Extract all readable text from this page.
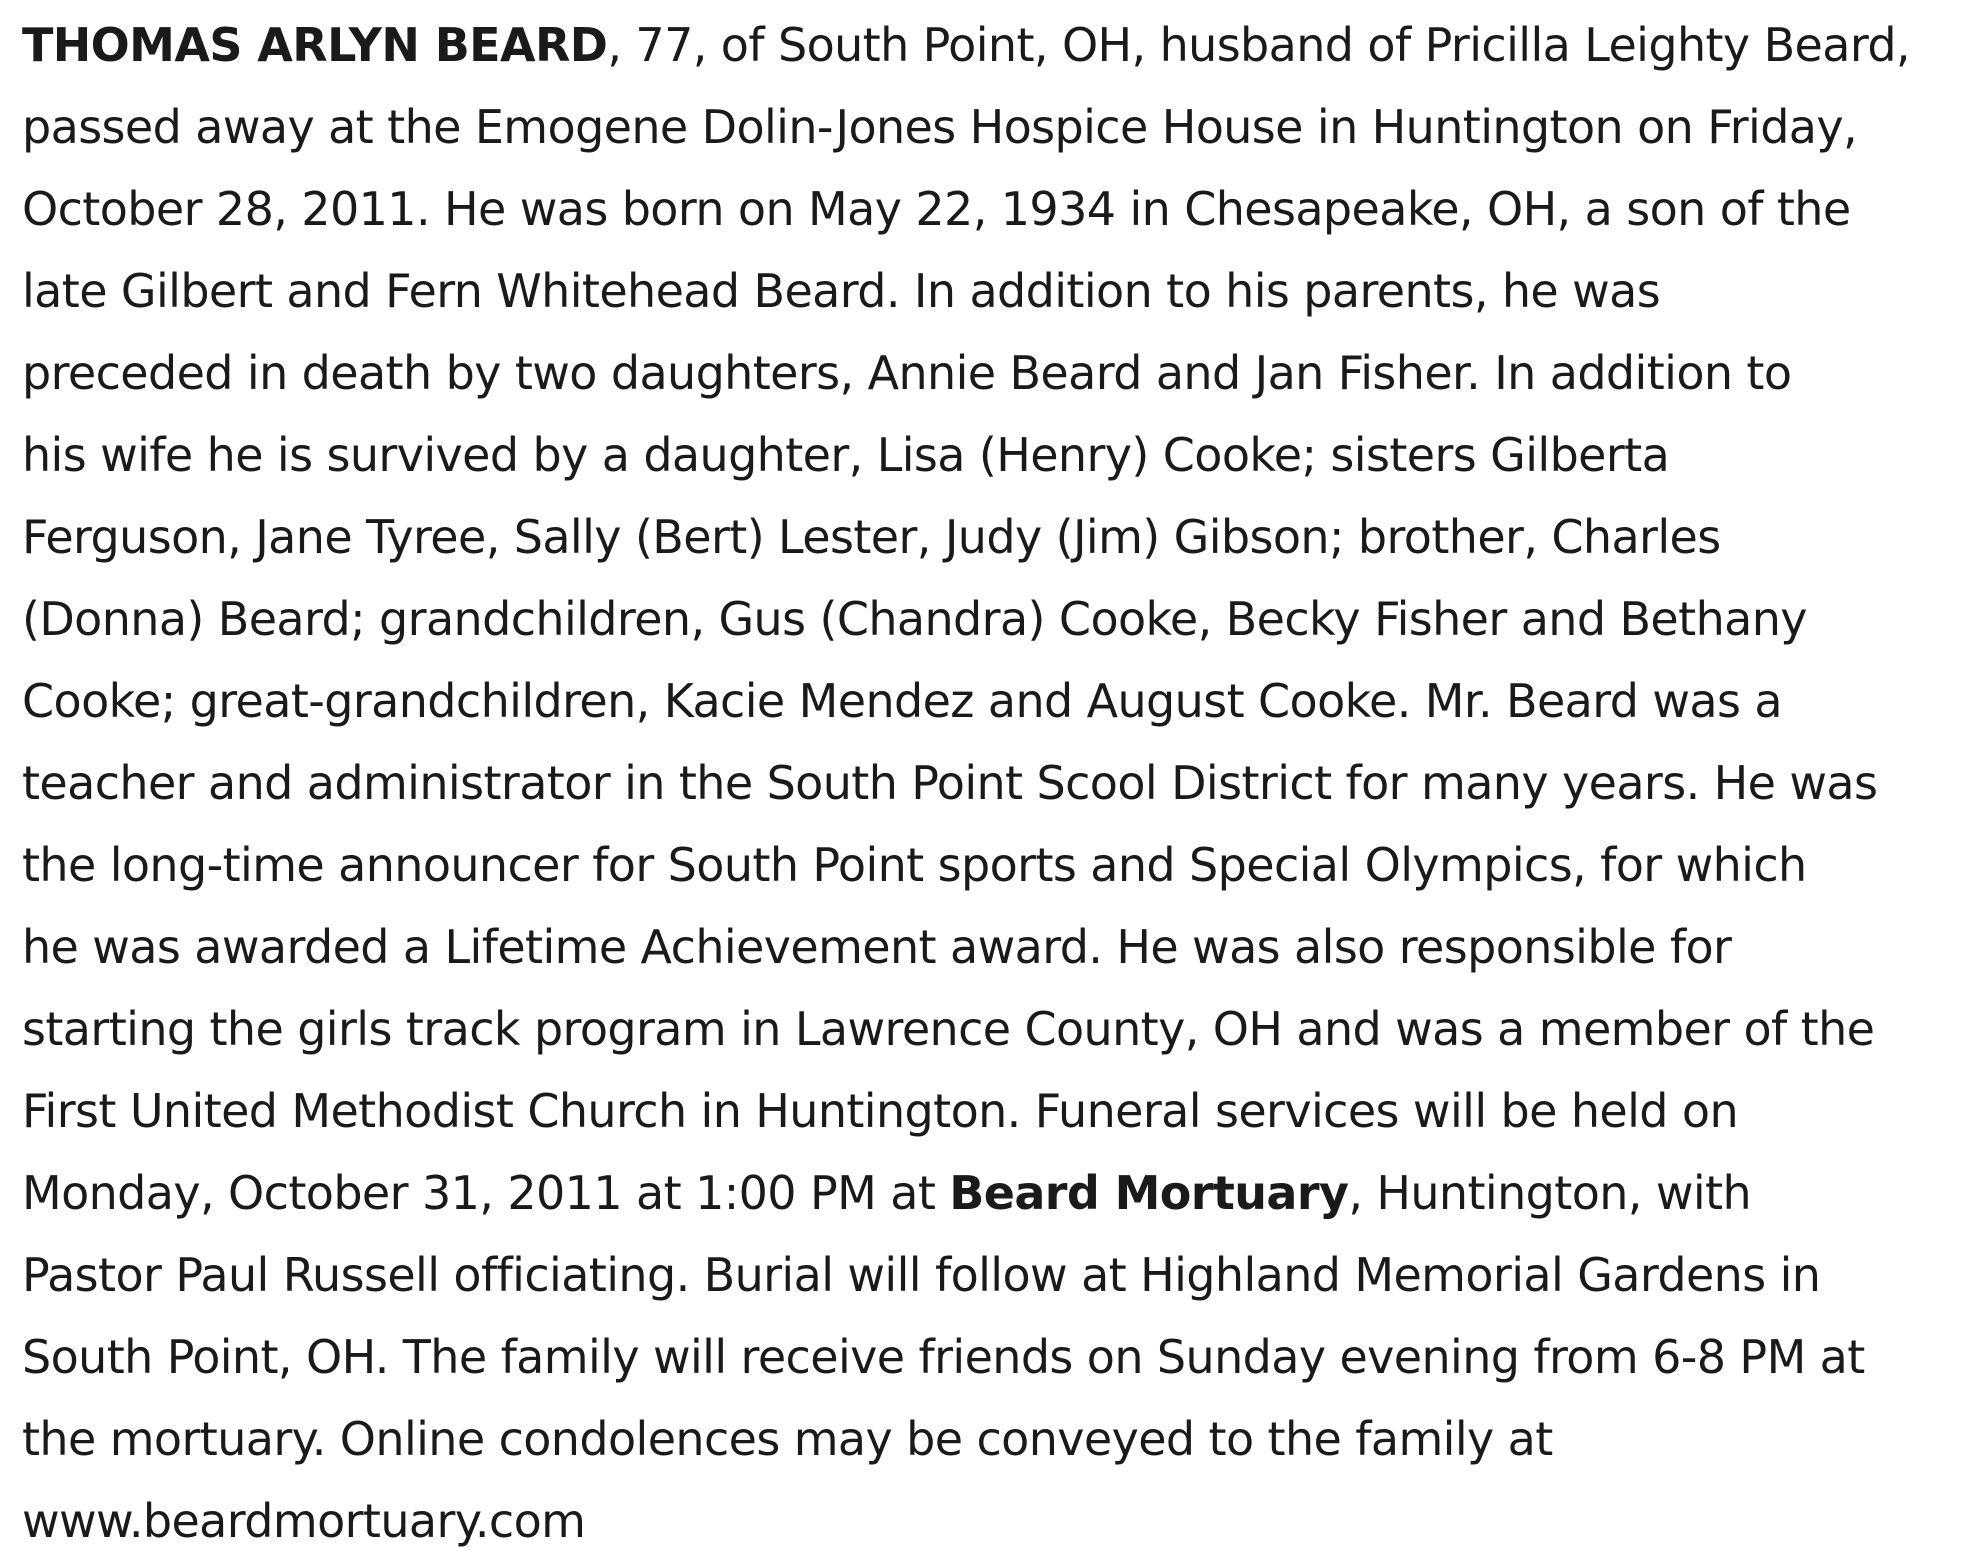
THOMAS ARLYN BEARD, 77, of South Point, OH, husband of Pricilla Leighty Beard,
passed away at the Emogene Dolin-Jones Hospice House in Huntington on Friday,
October 28, 2011. He was born on May 22, 1934 in Chesapeake, OH, a son of the
late Gilbert and Fern Whitehead Beard. In addition to his parents, he was
preceded in death by two daughters, Annie Beard and Jan Fisher. In addition to
his wife he is survived by a daughter, Lisa (Henry) Cooke; sisters Gilberta
Ferguson, Jane Tyree, Sally (Bert) Lester, Judy (Jim) Gibson; brother, Charles
(Donna) Beard; grandchildren, Gus (Chandra) Cooke, Becky Fisher and Bethany
Cooke; great-grandchildren, Kacie Mendez and August Cooke. Mr. Beard was a
teacher and administrator in the South Point Scool District for many years. He was
the long-time announcer for South Point sports and Special Olympics, for which
he was awarded a Lifetime Achievement award. He was also responsible for
starting the girls track program in Lawrence County, OH and was a member of the
First United Methodist Church in Huntington. Funeral services will be held on
Monday, October 31, 2011 at 1:00 PM at Beard Mortuary, Huntington, with
Pastor Paul Russell officiating. Burial will follow at Highland Memorial Gardens in
South Point, OH. The family will receive friends on Sunday evening from 6-8 PM at
the mortuary. Online condolences may be conveyed to the family at
www.beardmortuary.com
